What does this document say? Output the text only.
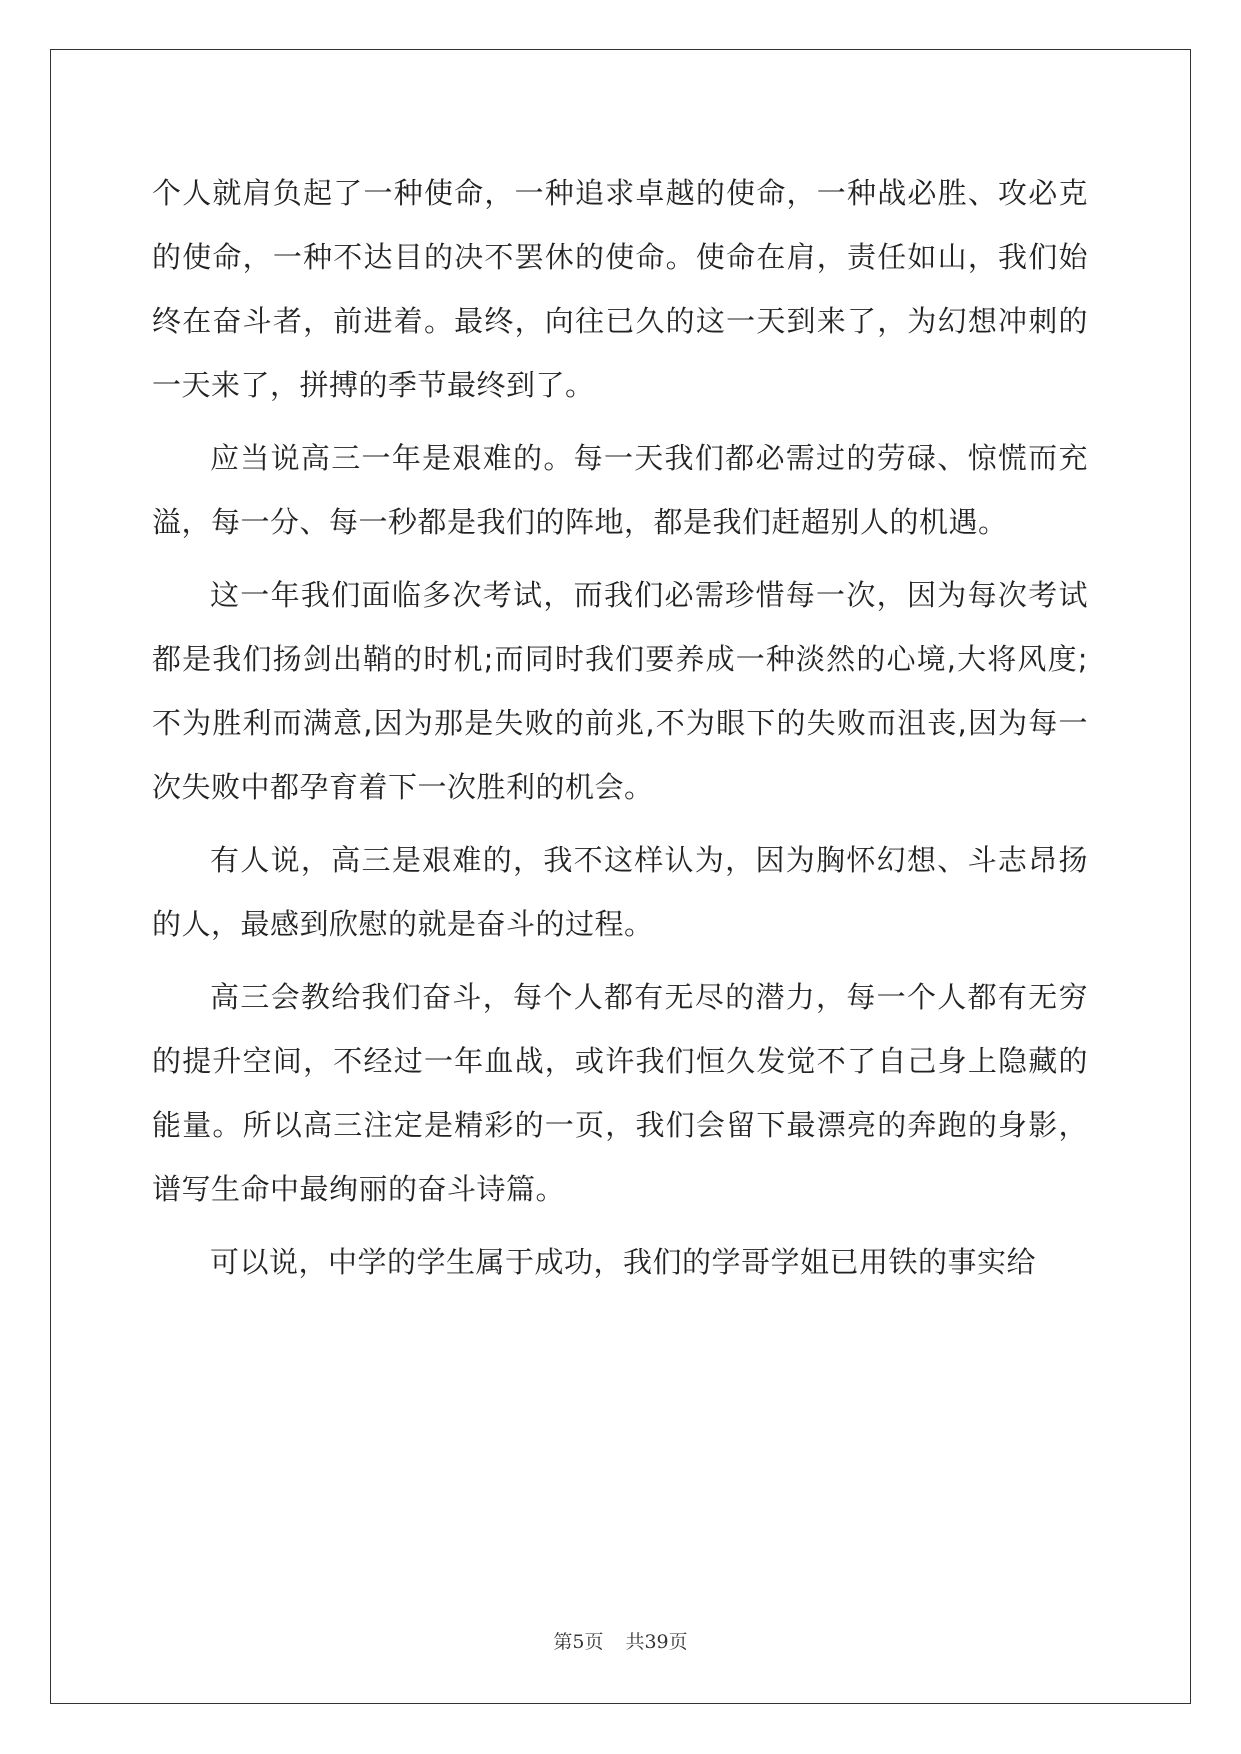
个人就肩负起了一种使命，一种追求卓越的使命，一种战必胜、攻必克的使命，一种不达目的决不罢休的使命。使命在肩，责任如山，我们始终在奋斗者，前进着。最终，向往已久的这一天到来了，为幻想冲刺的一天来了，拼搏的季节最终到了。

应当说高三一年是艰难的。每一天我们都必需过的劳碌、惊慌而充溢，每一分、每一秒都是我们的阵地，都是我们赶超别人的机遇。

这一年我们面临多次考试，而我们必需珍惜每一次，因为每次考试都是我们扬剑出鞘的时机;而同时我们要养成一种淡然的心境,大将风度;不为胜利而满意,因为那是失败的前兆,不为眼下的失败而沮丧,因为每一次失败中都孕育着下一次胜利的机会。

有人说，高三是艰难的，我不这样认为，因为胸怀幻想、斗志昂扬的人，最感到欣慰的就是奋斗的过程。

高三会教给我们奋斗，每个人都有无尽的潜力，每一个人都有无穷的提升空间，不经过一年血战，或许我们恒久发觉不了自己身上隐藏的能量。所以高三注定是精彩的一页，我们会留下最漂亮的奔跑的身影，谱写生命中最绚丽的奋斗诗篇。

可以说，中学的学生属于成功，我们的学哥学姐已用铁的事实给

第5页 共39页
